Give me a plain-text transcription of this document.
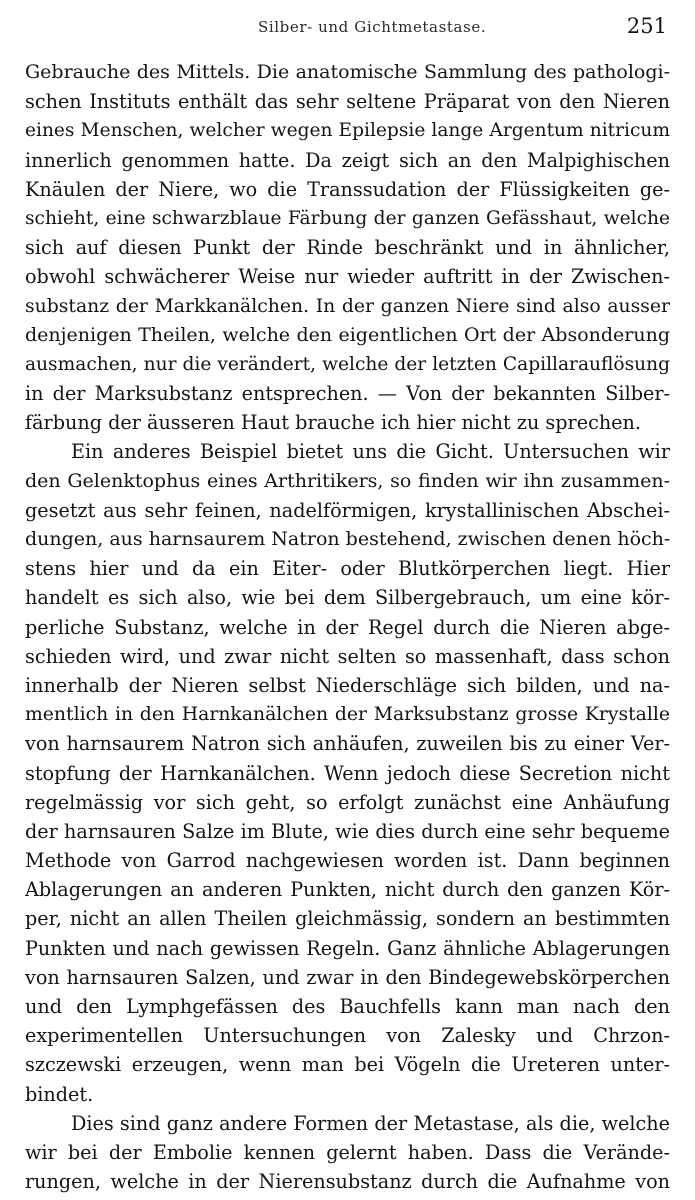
Silber- und Gichtmetastase.	251
Gebrauche des Mittels. Die anatomische Sammlung des pathologi-
schen Instituts enthält das sehr seltene Präparat von den Nieren
eines Menschen, welcher wegen Epilepsie lange Argentum nitricum
innerlich genommen hatte. Da zeigt sich an den Malpighischen
Knäulen der Niere, wo die Transsudation der Flüssigkeiten ge-
schieht, eine schwarzblaue Färbung der ganzen Gefässhaut, welche
sich auf diesen Punkt der Rinde beschränkt und in ähnlicher,
obwohl schwächerer Weise nur wieder auftritt in der Zwischen-
substanz der Markkanälchen. In der ganzen Niere sind also ausser
denjenigen Theilen, welche den eigentlichen Ort der Absonderung
ausmachen, nur die verändert, welche der letzten Capillarauflösung
in der Marksubstanz entsprechen. — Von der bekannten Silber-
färbung der äusseren Haut brauche ich hier nicht zu sprechen.
Ein anderes Beispiel bietet uns die Gicht. Untersuchen wir
den Gelenktophus eines Arthritikers, so finden wir ihn zusammen-
gesetzt aus sehr feinen, nadelförmigen, krystallinischen Abschei-
dungen, aus harnsaurem Natron bestehend, zwischen denen höch-
stens hier und da ein Eiter- oder Blutkörperchen liegt. Hier
handelt es sich also, wie bei dem Silbergebrauch, um eine kör-
perliche Substanz, welche in der Regel durch die Nieren abge-
schieden wird, und zwar nicht selten so massenhaft, dass schon
innerhalb der Nieren selbst Niederschläge sich bilden, und na-
mentlich in den Harnkanälchen der Marksubstanz grosse Krystalle
von harnsaurem Natron sich anhäufen, zuweilen bis zu einer Ver-
stopfung der Harnkanälchen. Wenn jedoch diese Secretion nicht
regelmässig vor sich geht, so erfolgt zunächst eine Anhäufung
der harnsauren Salze im Blute, wie dies durch eine sehr bequeme
Methode von Garrod nachgewiesen worden ist. Dann beginnen
Ablagerungen an anderen Punkten, nicht durch den ganzen Kör-
per, nicht an allen Theilen gleichmässig, sondern an bestimmten
Punkten und nach gewissen Regeln. Ganz ähnliche Ablagerungen
von harnsauren Salzen, und zwar in den Bindegewebskörperchen
und den Lymphgefässen des Bauchfells kann man nach den
experimentellen Untersuchungen von Zalesky und Chrzon-
szczewski erzeugen, wenn man bei Vögeln die Ureteren unter-
bindet.
Dies sind ganz andere Formen der Metastase, als die, welche
wir bei der Embolie kennen gelernt haben. Dass die Verände-
rungen, welche in der Nierensubstanz durch die Aufnahme von
